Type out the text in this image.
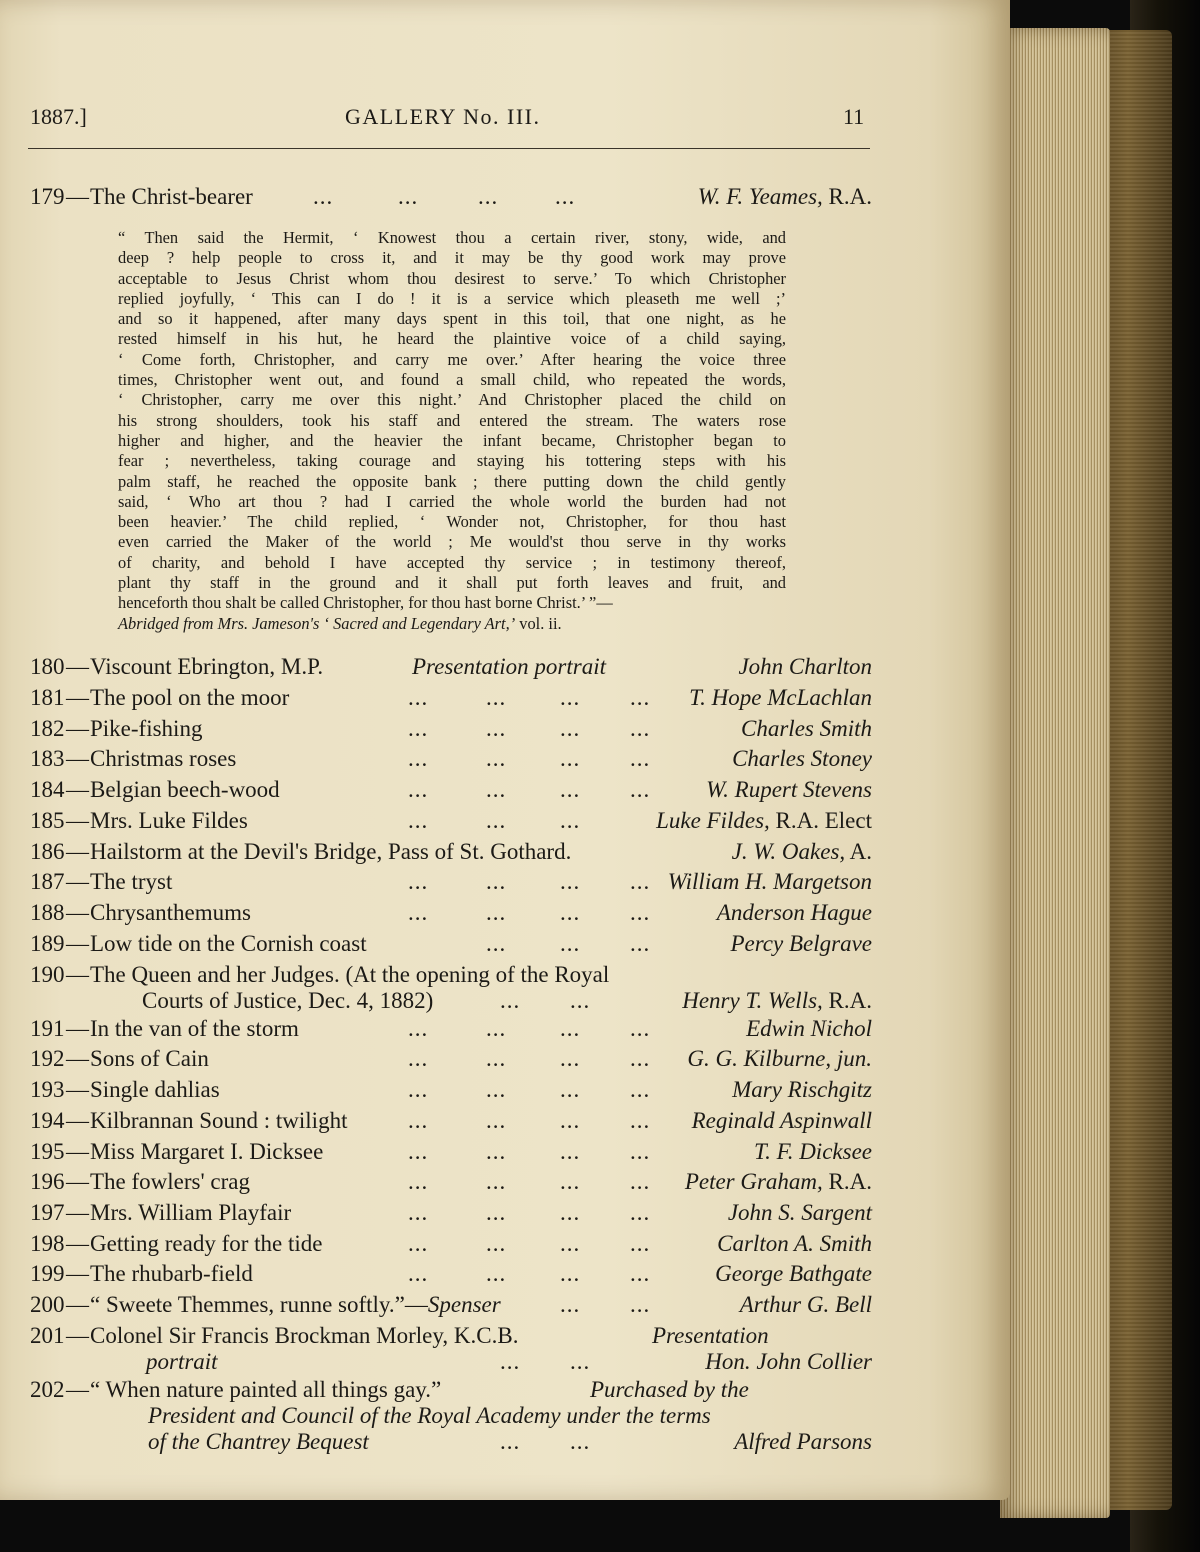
1887.]	GALLERY No. III.	11
179 — The Christ-bearer	...	...	... ...	W. F. Yeames, R.A.
“ Then said the Hermit, ‘ Knowest thou a certain river, stony, wide, and
deep ? help people to cross it, and it may be thy good work may prove
acceptable to Jesus Christ whom thou desirest to serve.’ To which Christopher
replied joyfully, ‘ This can I do ! it is a service which pleaseth me well ;’
and so it happened, after many days spent in this toil, that one night, as he
rested himself in his hut, he heard the plaintive voice of a child saying,
‘ Come forth, Christopher, and carry me over.’ After hearing the voice three
times, Christopher went out, and found a small child, who repeated the words,
‘ Christopher, carry me over this night.’ And Christopher placed the child on
his strong shoulders, took his staff and entered the stream. The waters rose
higher and higher, and the heavier the infant became, Christopher began to
fear ; nevertheless, taking courage and staying his tottering steps with his
palm staff, he reached the opposite bank ; there putting down the child gently
said, ‘ Who art thou ? had I carried the whole world the burden had not
been heavier.’ The child replied, ‘ Wonder not, Christopher, for thou hast
even carried the Maker of the world ; Me would'st thou serve in thy works
of charity, and behold I have accepted thy service ; in testimony thereof,
plant thy staff in the ground and it shall put forth leaves and fruit, and
henceforth thou shalt be called Christopher, for thou hast borne Christ.’ ”—
Abridged from Mrs. Jameson's ‘ Sacred and Legendary Art,’ vol. ii.
180 — Viscount Ebrington, M.P.	Presentation portrait	John Charlton
181 — The pool on the moor	...	... ... ... T. Hope McLachlan
182 — Pike-fishing	...	... ... ...	Charles Smith
183 — Christmas roses	...	... ... ...	Charles Stoney
184 — Belgian beech-wood	...	... ... ... W. Rupert Stevens
185 — Mrs. Luke Fildes	...	... ...	Luke Fildes, R.A. Elect
186 — Hailstorm at the Devil's Bridge, Pass of St. Gothard.	J. W. Oakes, A.
187 — The tryst	...	... ... ... William H. Margetson
188 — Chrysanthemums	...	... ... ...	Anderson Hague
189 — Low tide on the Cornish coast	... ... ...	Percy Belgrave
190 — The Queen and her Judges. (At the opening of the Royal
Courts of Justice, Dec. 4, 1882)	... ...	Henry T. Wells, R.A.
191 — In the van of the storm	...	... ... ...	Edwin Nichol
192 — Sons of Cain	...	... ... ... G. G. Kilburne, jun.
193 — Single dahlias	...	... ... ...	Mary Rischgitz
194 — Kilbrannan Sound : twilight	...	... ... ... Reginald Aspinwall
195 — Miss Margaret I. Dicksee	...	... ... ...	T. F. Dicksee
196 — The fowlers' crag	...	... ... ... Peter Graham, R.A.
197 — Mrs. William Playfair	...	... ... ...	John S. Sargent
198 — Getting ready for the tide	...	... ... ...	Carlton A. Smith
199 — The rhubarb-field	...	... ... ...	George Bathgate
200 — “ Sweete Themmes, runne softly.”—Spenser	... ...	Arthur G. Bell
201 — Colonel Sir Francis Brockman Morley, K.C.B.	Presentation
portrait	... ...	Hon. John Collier
202 — “ When nature painted all things gay.”	Purchased by the
President and Council of the Royal Academy under the terms
of the Chantrey Bequest	... ...	Alfred Parsons
